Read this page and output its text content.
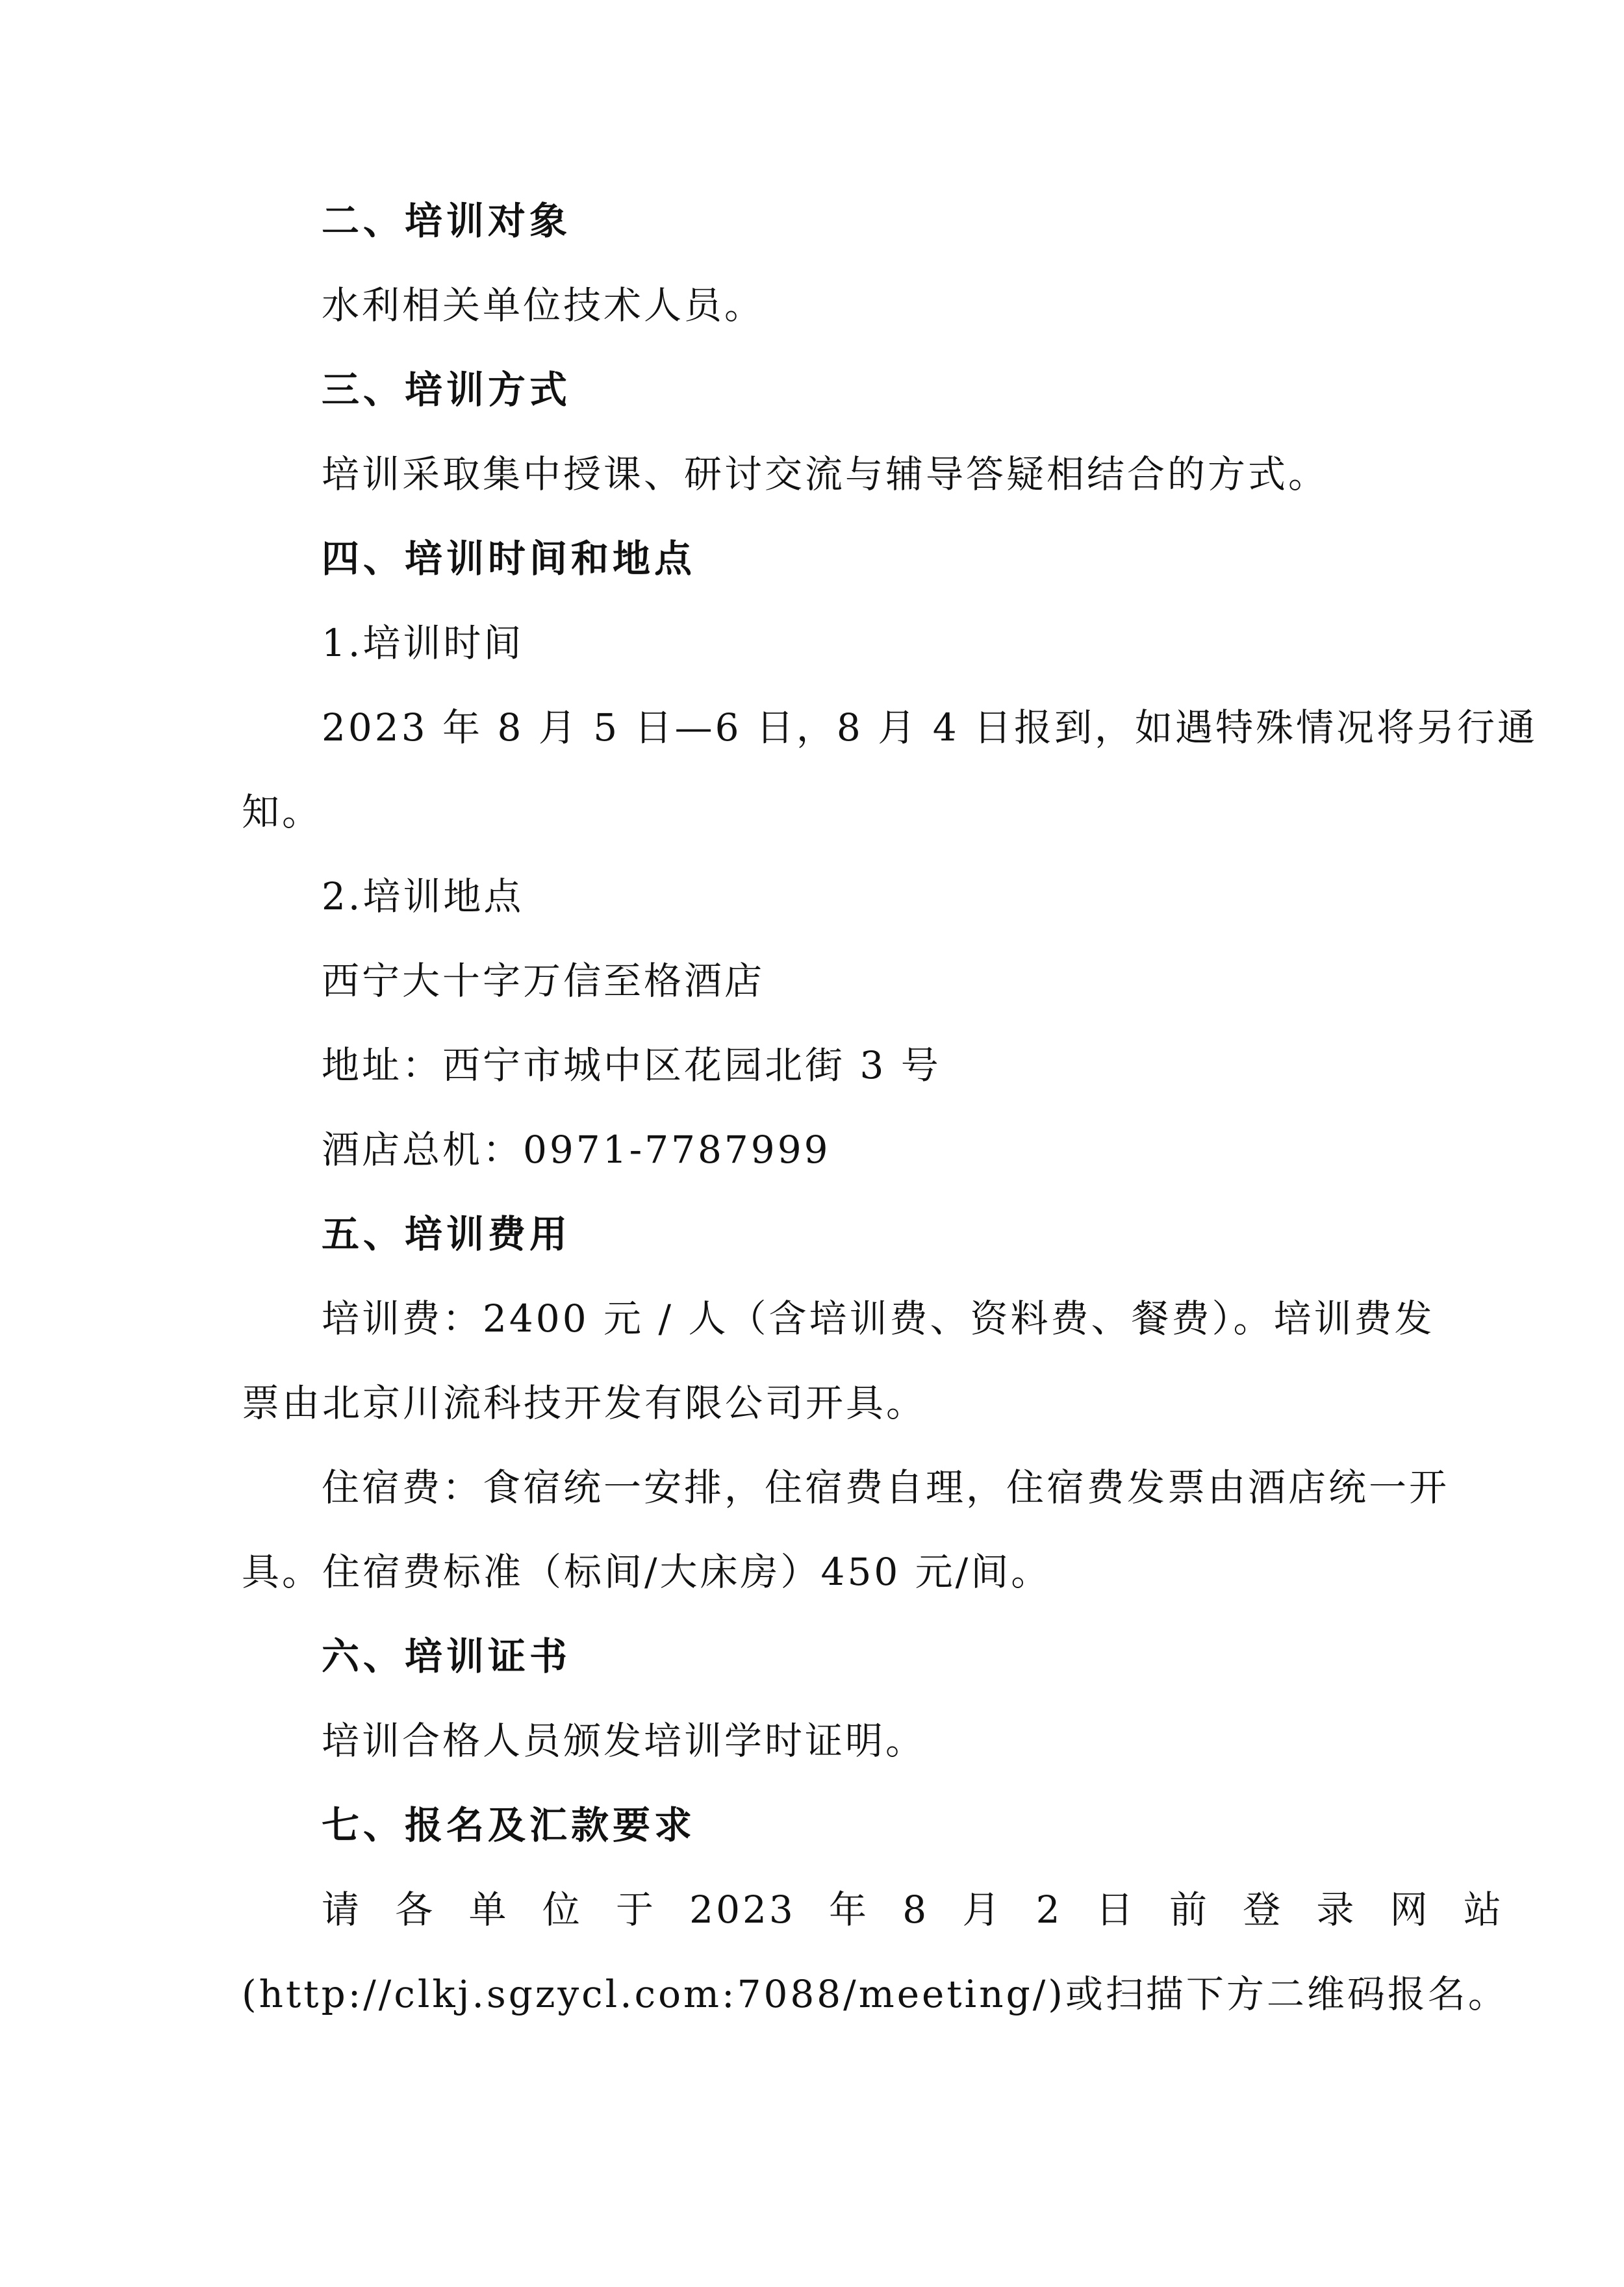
二、培训对象
水利相关单位技术人员。
三、培训方式
培训采取集中授课、研讨交流与辅导答疑相结合的方式。
四、培训时间和地点
1.培训时间
2023 年 8 月 5 日—6 日，8 月 4 日报到，如遇特殊情况将另行通
知。
2.培训地点
西宁大十字万信至格酒店
地址：西宁市城中区花园北街 3 号
酒店总机：0971-7787999
五、培训费用
培训费：2400 元 / 人（含培训费、资料费、餐费）。培训费发
票由北京川流科技开发有限公司开具。
住宿费：食宿统一安排，住宿费自理，住宿费发票由酒店统一开
具。住宿费标准（标间/大床房）450 元/间。
六、培训证书
培训合格人员颁发培训学时证明。
七、报名及汇款要求
请 各 单 位 于 2023 年 8 月 2 日 前 登 录 网 站
(http://clkj.sgzycl.com:7088/meeting/)或扫描下方二维码报名。
